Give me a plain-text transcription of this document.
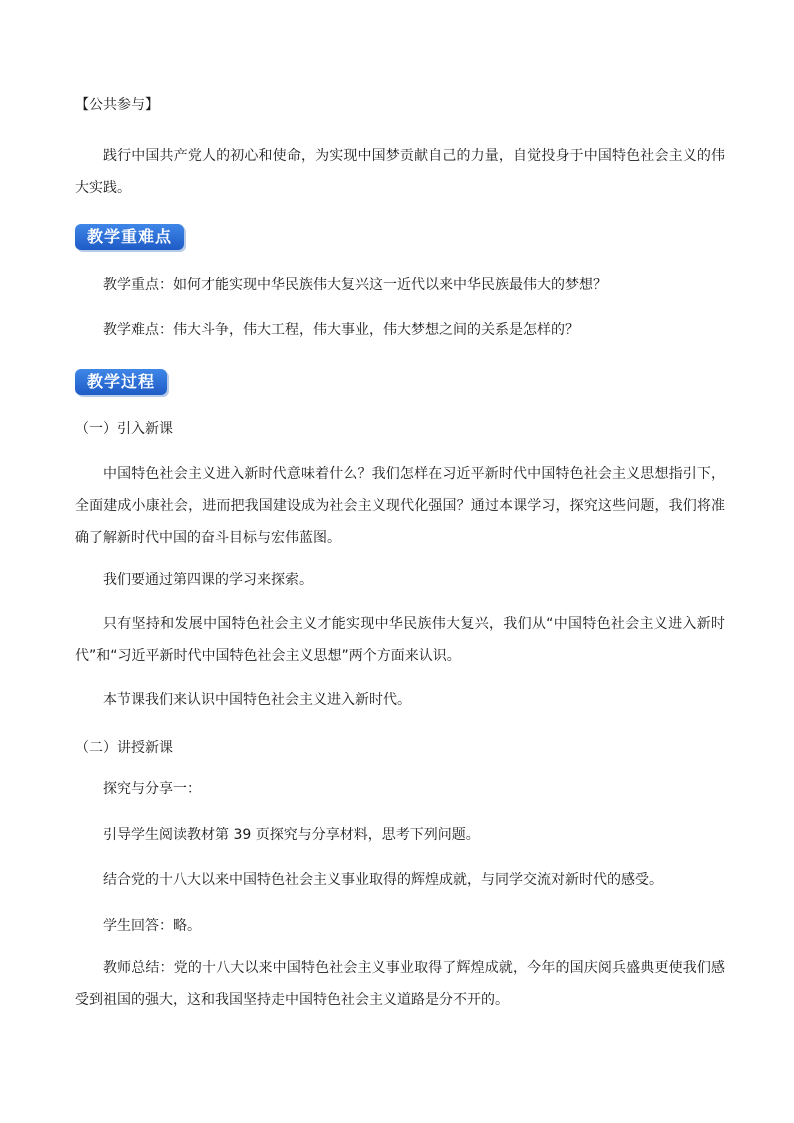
【公共参与】
践行中国共产党人的初心和使命，为实现中国梦贡献自己的力量，自觉投身于中国特色社会主义的伟大实践。
教学重难点
教学重点：如何才能实现中华民族伟大复兴这一近代以来中华民族最伟大的梦想？
教学难点：伟大斗争，伟大工程，伟大事业，伟大梦想之间的关系是怎样的？
教学过程
（一）引入新课
中国特色社会主义进入新时代意味着什么？我们怎样在习近平新时代中国特色社会主义思想指引下，全面建成小康社会，进而把我国建设成为社会主义现代化强国？通过本课学习，探究这些问题，我们将准确了解新时代中国的奋斗目标与宏伟蓝图。
我们要通过第四课的学习来探索。
只有坚持和发展中国特色社会主义才能实现中华民族伟大复兴，我们从“中国特色社会主义进入新时代”和“习近平新时代中国特色社会主义思想”两个方面来认识。
本节课我们来认识中国特色社会主义进入新时代。
（二）讲授新课
探究与分享一：
引导学生阅读教材第 39 页探究与分享材料，思考下列问题。
结合党的十八大以来中国特色社会主义事业取得的辉煌成就，与同学交流对新时代的感受。
学生回答：略。
教师总结：党的十八大以来中国特色社会主义事业取得了辉煌成就，今年的国庆阅兵盛典更使我们感受到祖国的强大，这和我国坚持走中国特色社会主义道路是分不开的。
